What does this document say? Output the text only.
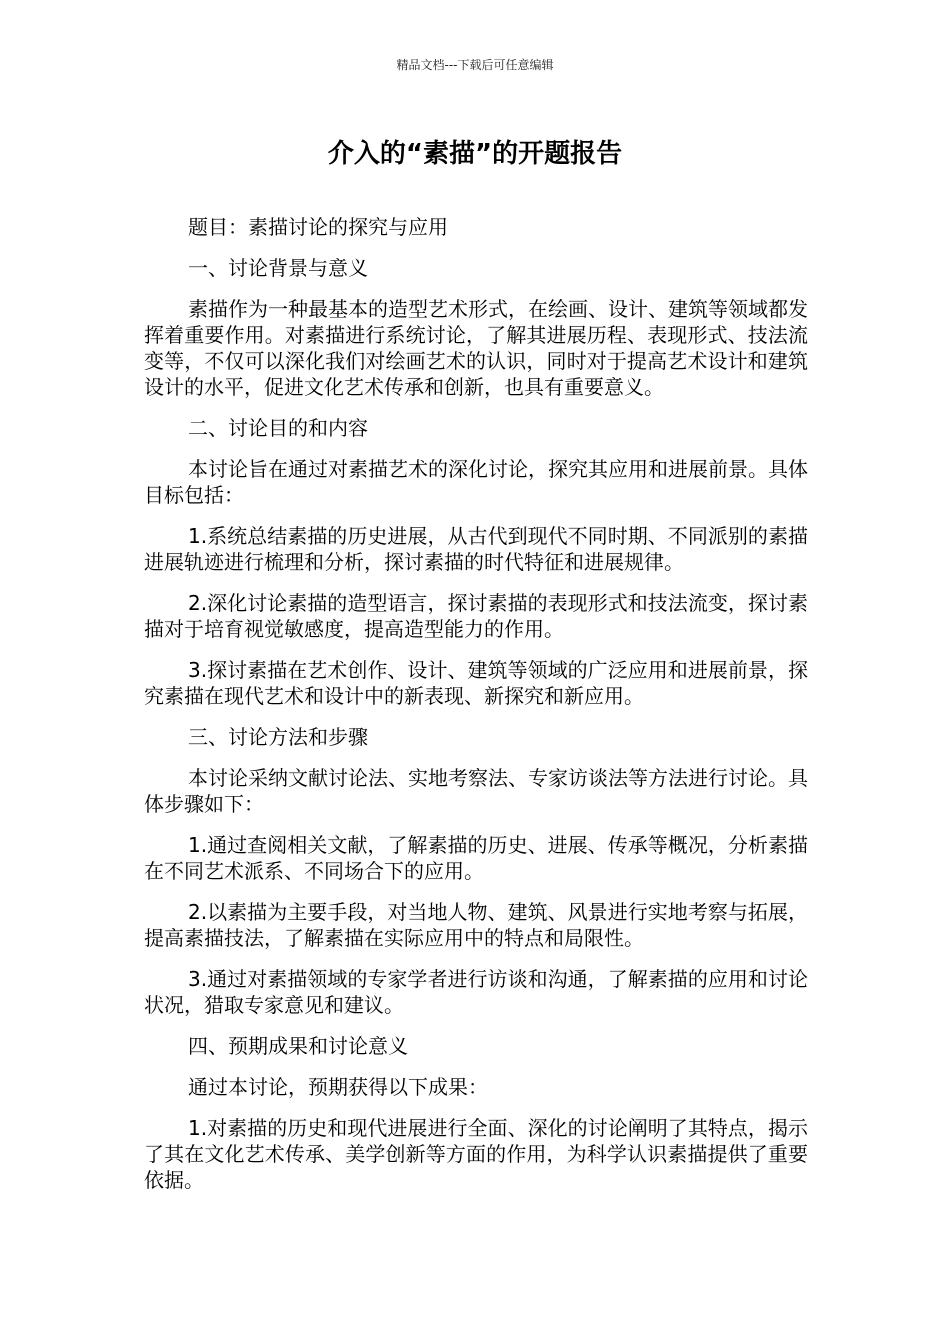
精品文档---下载后可任意编辑
介入的“素描”的开题报告

题目：素描讨论的探究与应用

一、讨论背景与意义

素描作为一种最基本的造型艺术形式，在绘画、设计、建筑等领域都发挥着重要作用。对素描进行系统讨论，了解其进展历程、表现形式、技法流变等，不仅可以深化我们对绘画艺术的认识，同时对于提高艺术设计和建筑设计的水平，促进文化艺术传承和创新，也具有重要意义。

二、讨论目的和内容

本讨论旨在通过对素描艺术的深化讨论，探究其应用和进展前景。具体目标包括：

1.系统总结素描的历史进展，从古代到现代不同时期、不同派别的素描进展轨迹进行梳理和分析，探讨素描的时代特征和进展规律。

2.深化讨论素描的造型语言，探讨素描的表现形式和技法流变，探讨素描对于培育视觉敏感度，提高造型能力的作用。

3.探讨素描在艺术创作、设计、建筑等领域的广泛应用和进展前景，探究素描在现代艺术和设计中的新表现、新探究和新应用。

三、讨论方法和步骤

本讨论采纳文献讨论法、实地考察法、专家访谈法等方法进行讨论。具体步骤如下：

1.通过查阅相关文献，了解素描的历史、进展、传承等概况，分析素描在不同艺术派系、不同场合下的应用。

2.以素描为主要手段，对当地人物、建筑、风景进行实地考察与拓展，提高素描技法，了解素描在实际应用中的特点和局限性。

3.通过对素描领域的专家学者进行访谈和沟通，了解素描的应用和讨论状况，猎取专家意见和建议。

四、预期成果和讨论意义

通过本讨论，预期获得以下成果：

1.对素描的历史和现代进展进行全面、深化的讨论阐明了其特点，揭示了其在文化艺术传承、美学创新等方面的作用，为科学认识素描提供了重要依据。
